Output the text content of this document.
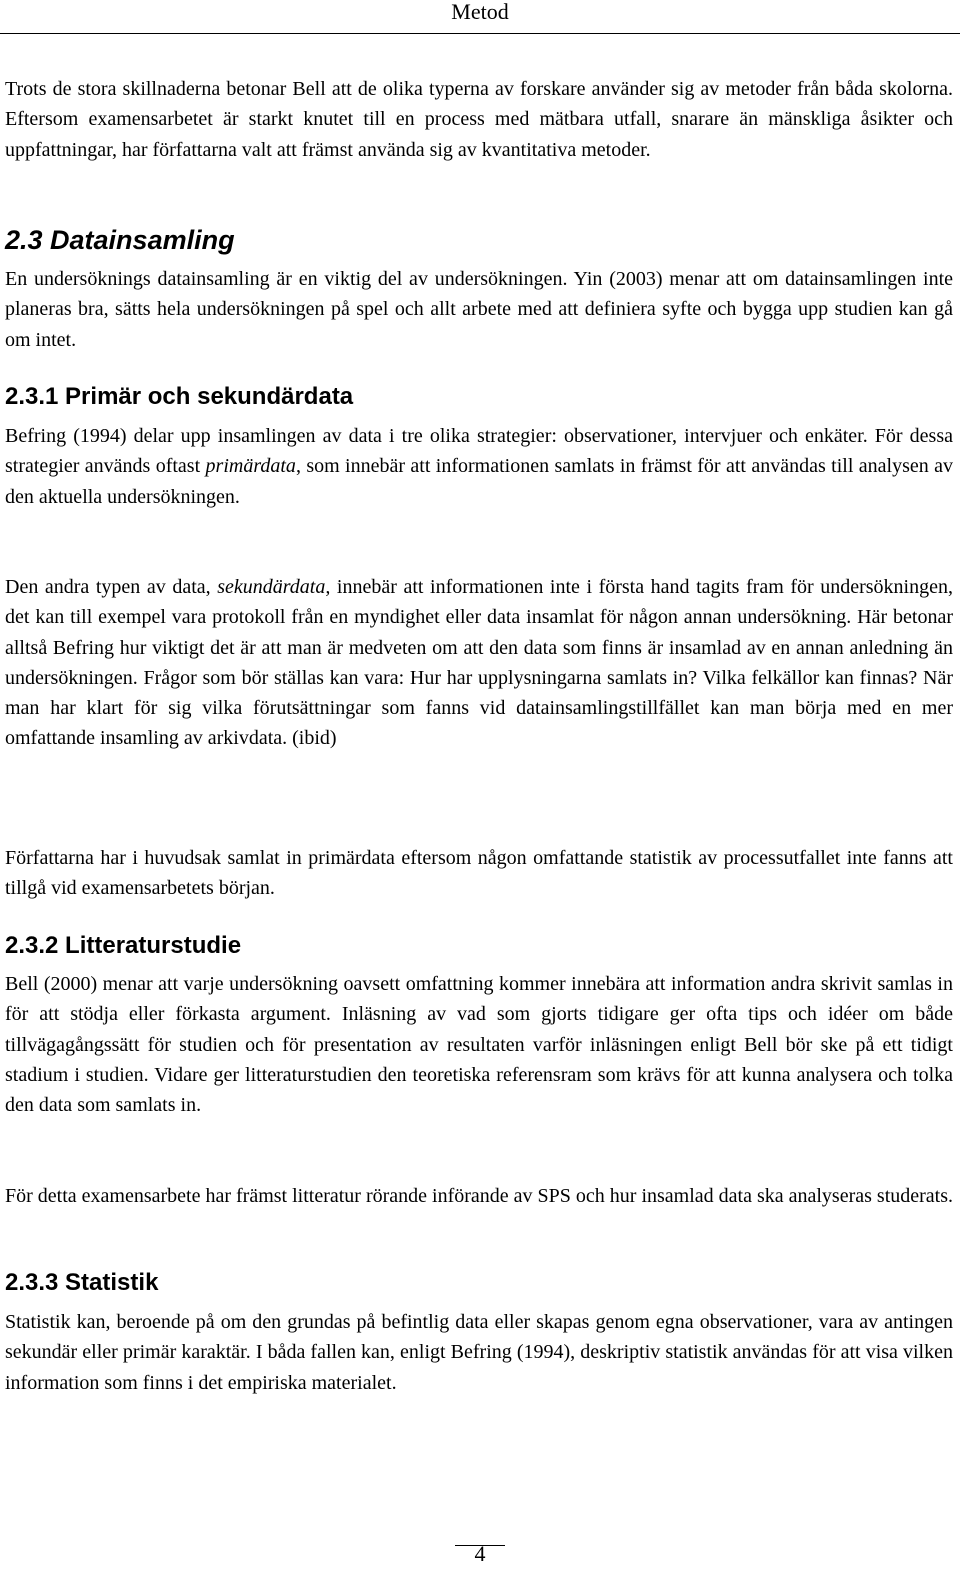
Metod
Trots de stora skillnaderna betonar Bell att de olika typerna av forskare använder sig av metoder från båda skolorna. Eftersom examensarbetet är starkt knutet till en process med mätbara utfall, snarare än mänskliga åsikter och uppfattningar, har författarna valt att främst använda sig av kvantitativa metoder.
2.3 Datainsamling
En undersöknings datainsamling är en viktig del av undersökningen. Yin (2003) menar att om datainsamlingen inte planeras bra, sätts hela undersökningen på spel och allt arbete med att definiera syfte och bygga upp studien kan gå om intet.
2.3.1 Primär och sekundärdata
Befring (1994) delar upp insamlingen av data i tre olika strategier: observationer, intervjuer och enkäter. För dessa strategier används oftast primärdata, som innebär att informationen samlats in främst för att användas till analysen av den aktuella undersökningen.
Den andra typen av data, sekundärdata, innebär att informationen inte i första hand tagits fram för undersökningen, det kan till exempel vara protokoll från en myndighet eller data insamlat för någon annan undersökning. Här betonar alltså Befring hur viktigt det är att man är medveten om att den data som finns är insamlad av en annan anledning än undersökningen. Frågor som bör ställas kan vara: Hur har upplysningarna samlats in? Vilka felkällor kan finnas? När man har klart för sig vilka förutsättningar som fanns vid datainsamlingstillfället kan man börja med en mer omfattande insamling av arkivdata. (ibid)
Författarna har i huvudsak samlat in primärdata eftersom någon omfattande statistik av processutfallet inte fanns att tillgå vid examensarbetets början.
2.3.2 Litteraturstudie
Bell (2000) menar att varje undersökning oavsett omfattning kommer innebära att information andra skrivit samlas in för att stödja eller förkasta argument. Inläsning av vad som gjorts tidigare ger ofta tips och idéer om både tillvägagångssätt för studien och för presentation av resultaten varför inläsningen enligt Bell bör ske på ett tidigt stadium i studien. Vidare ger litteraturstudien den teoretiska referensram som krävs för att kunna analysera och tolka den data som samlats in.
För detta examensarbete har främst litteratur rörande införande av SPS och hur insamlad data ska analyseras studerats.
2.3.3 Statistik
Statistik kan, beroende på om den grundas på befintlig data eller skapas genom egna observationer, vara av antingen sekundär eller primär karaktär. I båda fallen kan, enligt Befring (1994), deskriptiv statistik användas för att visa vilken information som finns i det empiriska materialet.
4
